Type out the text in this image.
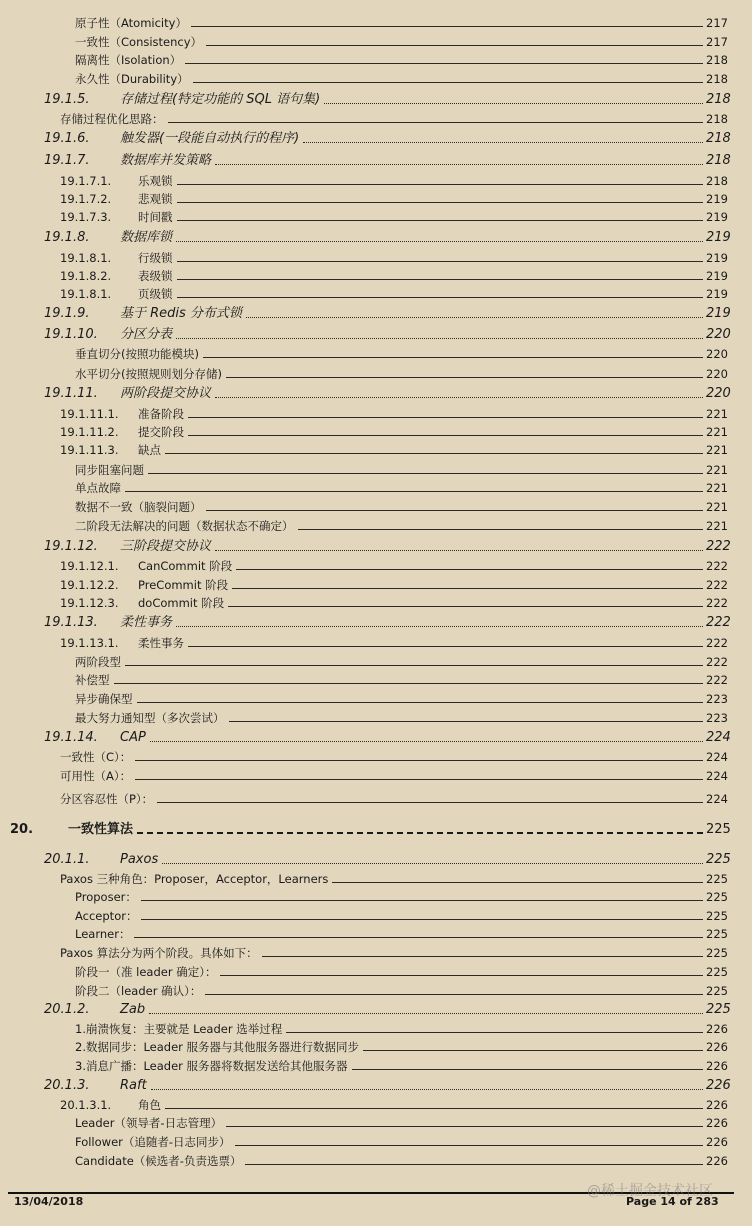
原子性（Atomicity）	217
一致性（Consistency）	217
隔离性（Isolation）	218
永久性（Durability）	218
19.1.5.	存储过程(特定功能的 SQL 语句集)	218
存储过程优化思路：	218
19.1.6.	触发器(一段能自动执行的程序)	218
19.1.7.	数据库并发策略	218
19.1.7.1.	乐观锁	218
19.1.7.2.	悲观锁	219
19.1.7.3.	时间戳	219
19.1.8.	数据库锁	219
19.1.8.1.	行级锁	219
19.1.8.2.	表级锁	219
19.1.8.1.	页级锁	219
19.1.9.	基于 Redis 分布式锁	219
19.1.10.	分区分表	220
垂直切分(按照功能模块)	220
水平切分(按照规则划分存储)	220
19.1.11.	两阶段提交协议	220
19.1.11.1.	准备阶段	221
19.1.11.2.	提交阶段	221
19.1.11.3.	缺点	221
同步阻塞问题	221
单点故障	221
数据不一致（脑裂问题）	221
二阶段无法解决的问题（数据状态不确定）	221
19.1.12.	三阶段提交协议	222
19.1.12.1.	CanCommit 阶段	222
19.1.12.2.	PreCommit 阶段	222
19.1.12.3.	doCommit 阶段	222
19.1.13.	柔性事务	222
19.1.13.1.	柔性事务	222
两阶段型	222
补偿型	222
异步确保型	223
最大努力通知型（多次尝试）	223
19.1.14.	CAP	224
一致性（C）：	224
可用性（A）：	224
分区容忍性（P）：	224
20.	一致性算法	225
20.1.1.	Paxos	225
Paxos 三种角色：Proposer，Acceptor，Learners	225
Proposer：	225
Acceptor：	225
Learner：	225
Paxos 算法分为两个阶段。具体如下：	225
阶段一（准 leader 确定）：	225
阶段二（leader 确认）：	225
20.1.2.	Zab	225
1.崩溃恢复：主要就是 Leader 选举过程	226
2.数据同步：Leader 服务器与其他服务器进行数据同步	226
3.消息广播：Leader 服务器将数据发送给其他服务器	226
20.1.3.	Raft	226
20.1.3.1.	角色	226
Leader（领导者-日志管理）	226
Follower（追随者-日志同步）	226
Candidate（候选者-负责选票）	226
13/04/2018	Page 14 of 283
@稀土掘金技术社区
